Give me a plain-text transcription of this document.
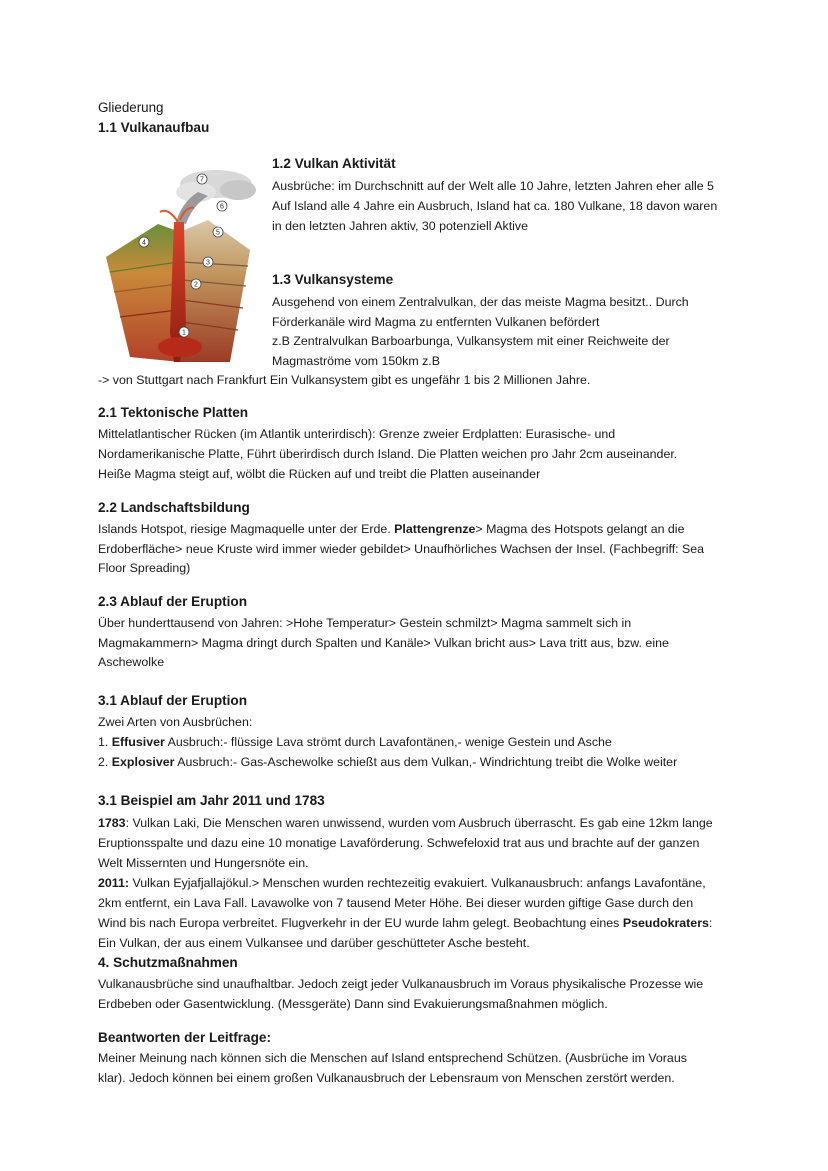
Gliederung
1.1 Vulkanaufbau
7
6
5
4
3
2
1
1.2 Vulkan Aktivität
Ausbrüche: im Durchschnitt auf der Welt alle 10 Jahre, letzten Jahren eher alle 5
Auf Island alle 4 Jahre ein Ausbruch, Island hat ca. 180 Vulkane, 18 davon waren
in den letzten Jahren aktiv, 30 potenziell Aktive
1.3 Vulkansysteme
Ausgehend von einem Zentralvulkan, der das meiste Magma besitzt.. Durch
Förderkanäle wird Magma zu entfernten Vulkanen befördert
z.B Zentralvulkan Barboarbunga, Vulkansystem mit einer Reichweite der
Magmaströme vom 150km z.B
-> von Stuttgart nach Frankfurt Ein Vulkansystem gibt es ungefähr 1 bis 2 Millionen Jahre.
2.1 Tektonische Platten
Mittelatlantischer Rücken (im Atlantik unterirdisch): Grenze zweier Erdplatten: Eurasische- und
Nordamerikanische Platte, Führt überirdisch durch Island. Die Platten weichen pro Jahr 2cm auseinander.
Heiße Magma steigt auf, wölbt die Rücken auf und treibt die Platten auseinander
2.2 Landschaftsbildung
Islands Hotspot, riesige Magmaquelle unter der Erde. Plattengrenze> Magma des Hotspots gelangt an die
Erdoberfläche> neue Kruste wird immer wieder gebildet> Unaufhörliches Wachsen der Insel. (Fachbegriff: Sea
Floor Spreading)
2.3 Ablauf der Eruption
Über hunderttausend von Jahren: >Hohe Temperatur> Gestein schmilzt> Magma sammelt sich in
Magmakammern> Magma dringt durch Spalten und Kanäle> Vulkan bricht aus> Lava tritt aus, bzw. eine
Aschewolke
3.1 Ablauf der Eruption
Zwei Arten von Ausbrüchen:
1. Effusiver Ausbruch:- flüssige Lava strömt durch Lavafontänen,- wenige Gestein und Asche
2. Explosiver Ausbruch:- Gas-Aschewolke schießt aus dem Vulkan,- Windrichtung treibt die Wolke weiter
3.1 Beispiel am Jahr 2011 und 1783
1783: Vulkan Laki, Die Menschen waren unwissend, wurden vom Ausbruch überrascht. Es gab eine 12km lange
Eruptionsspalte und dazu eine 10 monatige Lavaförderung. Schwefeloxid trat aus und brachte auf der ganzen
Welt Missernten und Hungersnöte ein.
2011: Vulkan Eyjafjallajökul.> Menschen wurden rechtezeitig evakuiert. Vulkanausbruch: anfangs Lavafontäne,
2km entfernt, ein Lava Fall. Lavawolke von 7 tausend Meter Höhe. Bei dieser wurden giftige Gase durch den
Wind bis nach Europa verbreitet. Flugverkehr in der EU wurde lahm gelegt. Beobachtung eines Pseudokraters:
Ein Vulkan, der aus einem Vulkansee und darüber geschütteter Asche besteht.
4. Schutzmaßnahmen
Vulkanausbrüche sind unaufhaltbar. Jedoch zeigt jeder Vulkanausbruch im Voraus physikalische Prozesse wie
Erdbeben oder Gasentwicklung. (Messgeräte) Dann sind Evakuierungsmaßnahmen möglich.
Beantworten der Leitfrage:
Meiner Meinung nach können sich die Menschen auf Island entsprechend Schützen. (Ausbrüche im Voraus
klar). Jedoch können bei einem großen Vulkanausbruch der Lebensraum von Menschen zerstört werden.
